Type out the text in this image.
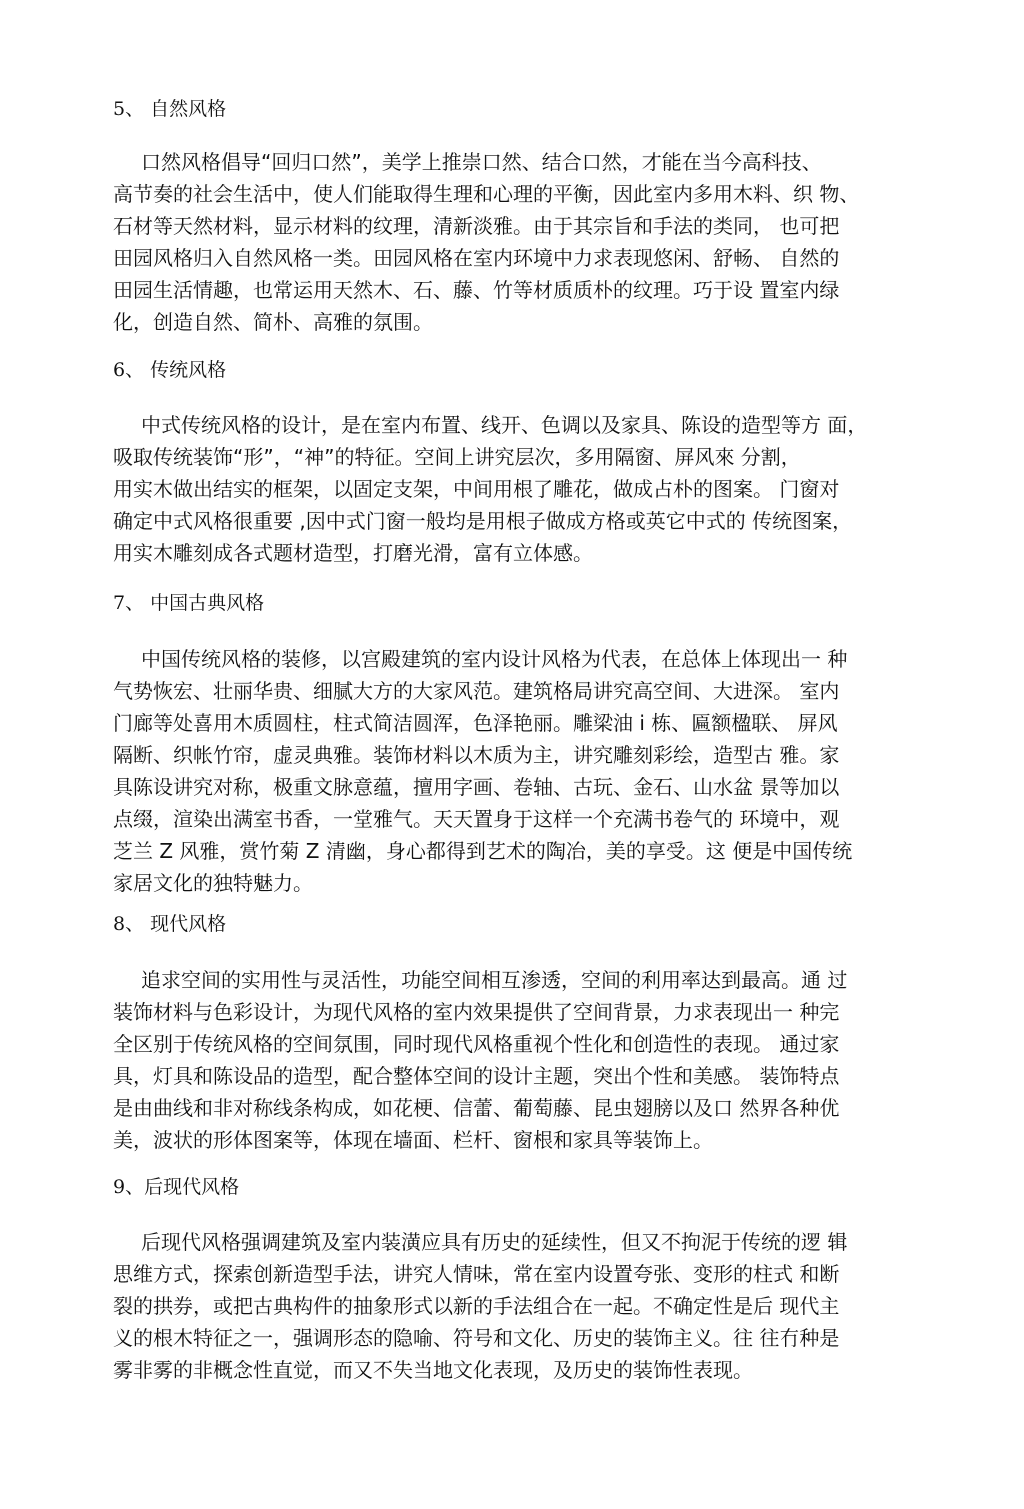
5、 自然风格

口然风格倡导“回归口然”，美学上推崇口然、结合口然，才能在当今高科技、
高节奏的社会生活中，使人们能取得生理和心理的平衡，因此室内多用木料、织 物、
石材等天然材料，显示材料的纹理，清新淡雅。由于其宗旨和手法的类同， 也可把
田园风格归入自然风格一类。田园风格在室内环境中力求表现悠闲、舒畅、 自然的
田园生活情趣，也常运用天然木、石、藤、竹等材质质朴的纹理。巧于设 置室内绿
化，创造自然、简朴、高雅的氛围。

6、 传统风格

中式传统风格的设计，是在室内布置、线开、色调以及家具、陈设的造型等方 面，
吸取传统装饰“形”，“神”的特征。空间上讲究层次，多用隔窗、屏风來 分割，
用实木做出结实的框架，以固定支架，中间用根了雕花，做成占朴的图案。 门窗对
确定中式风格很重要 ,因中式门窗一般均是用根子做成方格或英它中式的 传统图案，
用实木雕刻成各式题材造型，打磨光滑，富有立体感。

7、 中国古典风格

中国传统风格的装修，以宫殿建筑的室内设计风格为代表，在总体上体现出一 种
气势恢宏、壮丽华贵、细腻大方的大家风范。建筑格局讲究高空间、大进深。 室内
门廊等处喜用木质圆柱，柱式简洁圆浑，色泽艳丽。雕梁油 i 栋、匾额楹联、 屏风
隔断、织帐竹帘，虚灵典雅。装饰材料以木质为主，讲究雕刻彩绘，造型古 雅。家
具陈设讲究对称，极重文脉意蕴，擅用字画、卷轴、古玩、金石、山水盆 景等加以
点缀，渲染出满室书香，一堂雅气。天天置身于这样一个充满书卷气的 环境中，观
芝兰 Z 风雅，赏竹菊 Z 清幽，身心都得到艺术的陶冶，美的享受。这 便是中国传统
家居文化的独特魅力。

8、 现代风格

追求空间的实用性与灵活性，功能空间相互渗透，空间的利用率达到最高。通 过
装饰材料与色彩设计，为现代风格的室内效果提供了空间背景，力求表现出一 种完
全区别于传统风格的空间氛围，同时现代风格重视个性化和创造性的表现。 通过家
具，灯具和陈设品的造型，配合整体空间的设计主题，突出个性和美感。 装饰特点
是由曲线和非对称线条构成，如花梗、信蕾、葡萄藤、昆虫翅膀以及口 然界各种优
美，波状的形体图案等，体现在墙面、栏杆、窗根和家具等装饰上。

9、后现代风格

后现代风格强调建筑及室内装潢应具有历史的延续性，但又不拘泥于传统的逻 辑
思维方式，探索创新造型手法，讲究人情味，常在室内设置夸张、变形的柱式 和断
裂的拱券，或把古典构件的抽象形式以新的手法组合在一起。不确定性是后 现代主
义的根木特征之一，强调形态的隐喻、符号和文化、历史的装饰主义。往 往冇种是
雾非雾的非概念性直觉，而又不失当地文化表现，及历史的装饰性表现。
